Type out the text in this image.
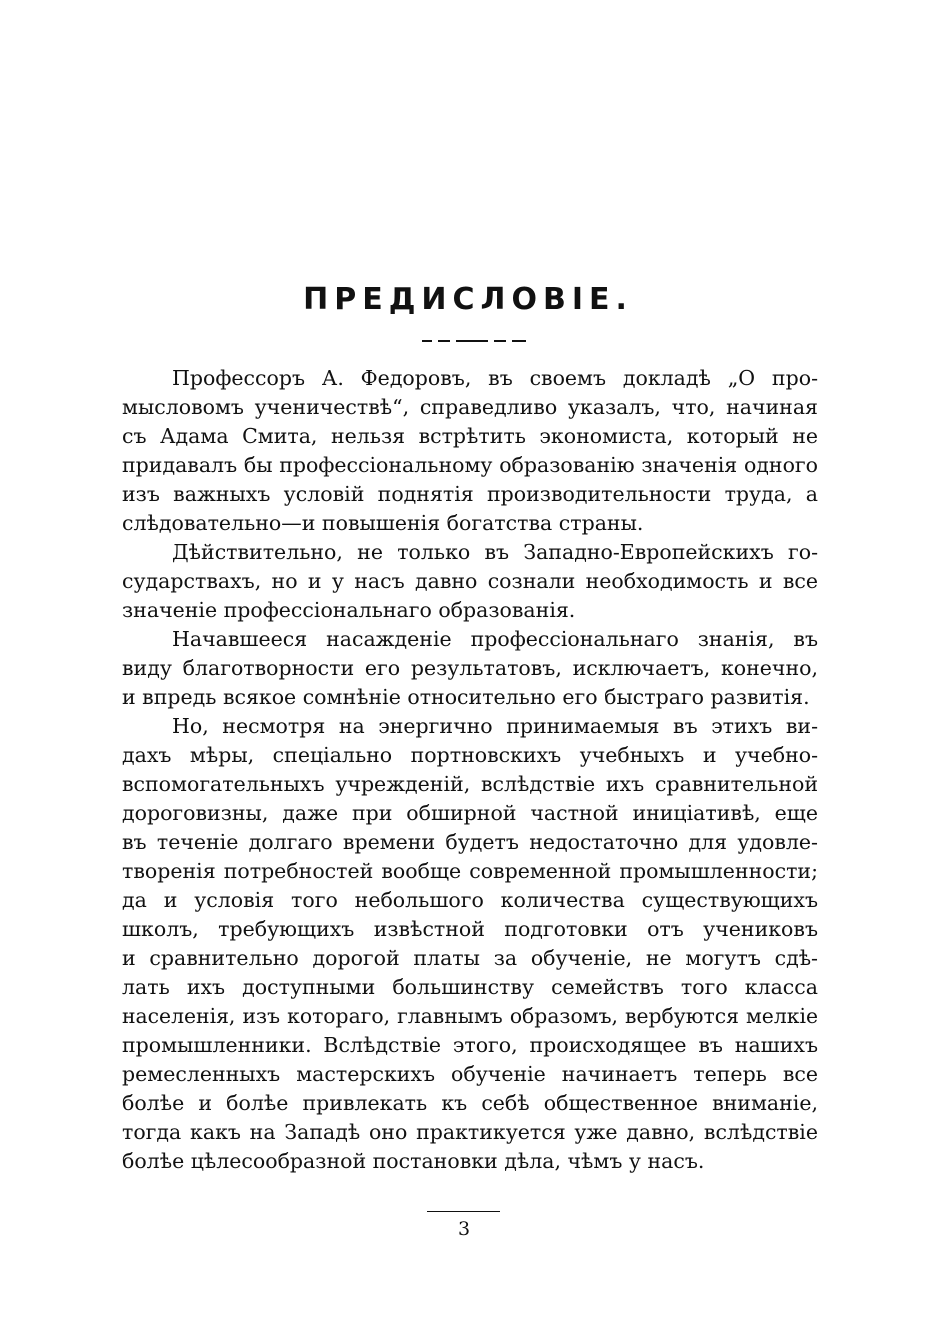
ПРЕДИСЛОВІЕ.
Профессоръ А. Федоровъ, въ своемъ докладѣ „О про-
мысловомъ ученичествѣ“, справедливо указалъ, что, начиная
съ Адама Смита, нельзя встрѣтить экономиста, который не
придавалъ бы профессіональному образованію значенія одного
изъ важныхъ условій поднятія производительности труда, а
слѣдовательно—и повышенія богатства страны.
Дѣйствительно, не только въ Западно-Европейскихъ го-
сударствахъ, но и у насъ давно сознали необходимость и все
значеніе профессіональнаго образованія.
Начавшееся насажденіе профессіональнаго знанія, въ
виду благотворности его результатовъ, исключаетъ, конечно,
и впредь всякое сомнѣніе относительно его быстраго развитія.
Но, несмотря на энергично принимаемыя въ этихъ ви-
дахъ мѣры, спеціально портновскихъ учебныхъ и учебно-
вспомогательныхъ учрежденій, вслѣдствіе ихъ сравнительной
дороговизны, даже при обширной частной иниціативѣ, еще
въ теченіе долгаго времени будетъ недостаточно для удовле-
творенія потребностей вообще современной промышленности;
да и условія того небольшого количества существующихъ
школъ, требующихъ извѣстной подготовки отъ учениковъ
и сравнительно дорогой платы за обученіе, не могутъ сдѣ-
лать ихъ доступными большинству семействъ того класса
населенія, изъ котораго, главнымъ образомъ, вербуются мелкіе
промышленники. Вслѣдствіе этого, происходящее въ нашихъ
ремесленныхъ мастерскихъ обученіе начинаетъ теперь все
болѣе и болѣе привлекать къ себѣ общественное вниманіе,
тогда какъ на Западѣ оно практикуется уже давно, вслѣдствіе
болѣе цѣлесообразной постановки дѣла, чѣмъ у насъ.
3
